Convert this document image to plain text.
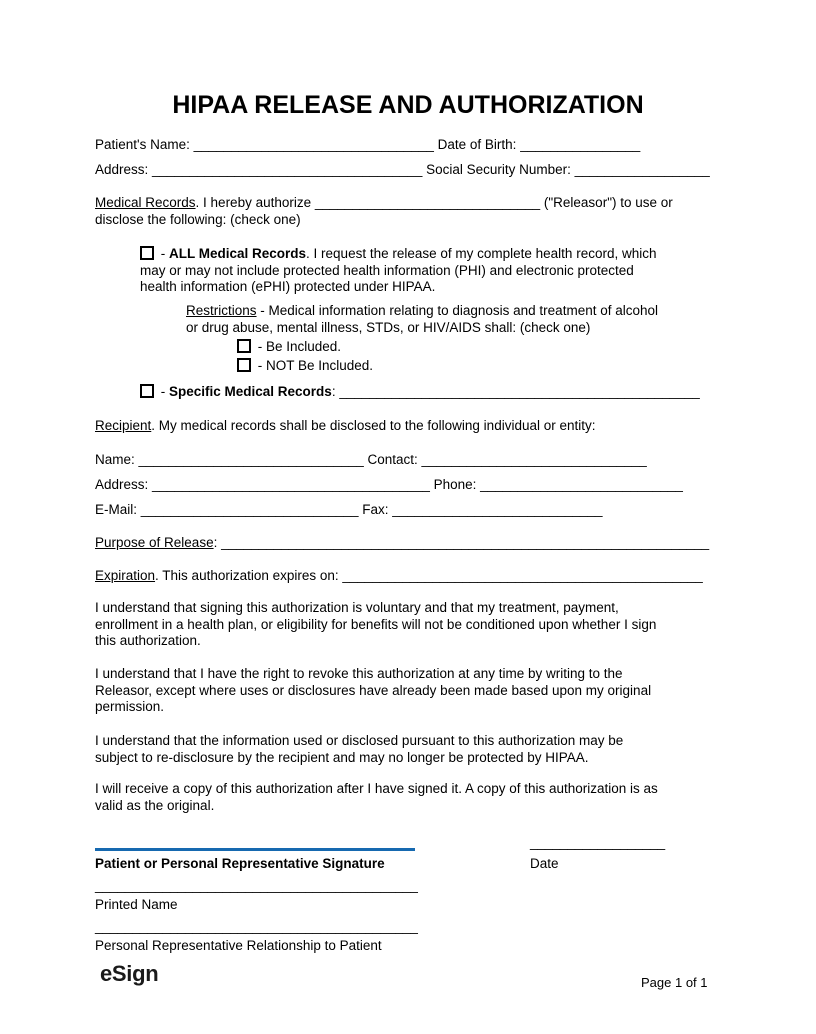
HIPAA RELEASE AND AUTHORIZATION
Patient's Name: ________________________________ Date of Birth: ________________
Address: ____________________________________ Social Security Number: __________________
Medical Records. I hereby authorize ______________________________ ("Releasor") to use or
disclose the following: (check one)
- ALL Medical Records. I request the release of my complete health record, which
may or may not include protected health information (PHI) and electronic protected
health information (ePHI) protected under HIPAA.
Restrictions - Medical information relating to diagnosis and treatment of alcohol
or drug abuse, mental illness, STDs, or HIV/AIDS shall: (check one)
- Be Included.
- NOT Be Included.
- Specific Medical Records: ________________________________________________
Recipient. My medical records shall be disclosed to the following individual or entity:
Name: ______________________________ Contact: ______________________________
Address: _____________________________________ Phone: ___________________________
E-Mail: _____________________________ Fax: ____________________________
Purpose of Release: _________________________________________________________________
Expiration. This authorization expires on: ________________________________________________
I understand that signing this authorization is voluntary and that my treatment, payment,
enrollment in a health plan, or eligibility for benefits will not be conditioned upon whether I sign
this authorization.
I understand that I have the right to revoke this authorization at any time by writing to the
Releasor, except where uses or disclosures have already been made based upon my original
permission.
I understand that the information used or disclosed pursuant to this authorization may be
subject to re-disclosure by the recipient and may no longer be protected by HIPAA.
I will receive a copy of this authorization after I have signed it. A copy of this authorization is as
valid as the original.
Patient or Personal Representative Signature
__________________
Date
___________________________________________
Printed Name
___________________________________________
Personal Representative Relationship to Patient
eSign	Page 1 of 1
